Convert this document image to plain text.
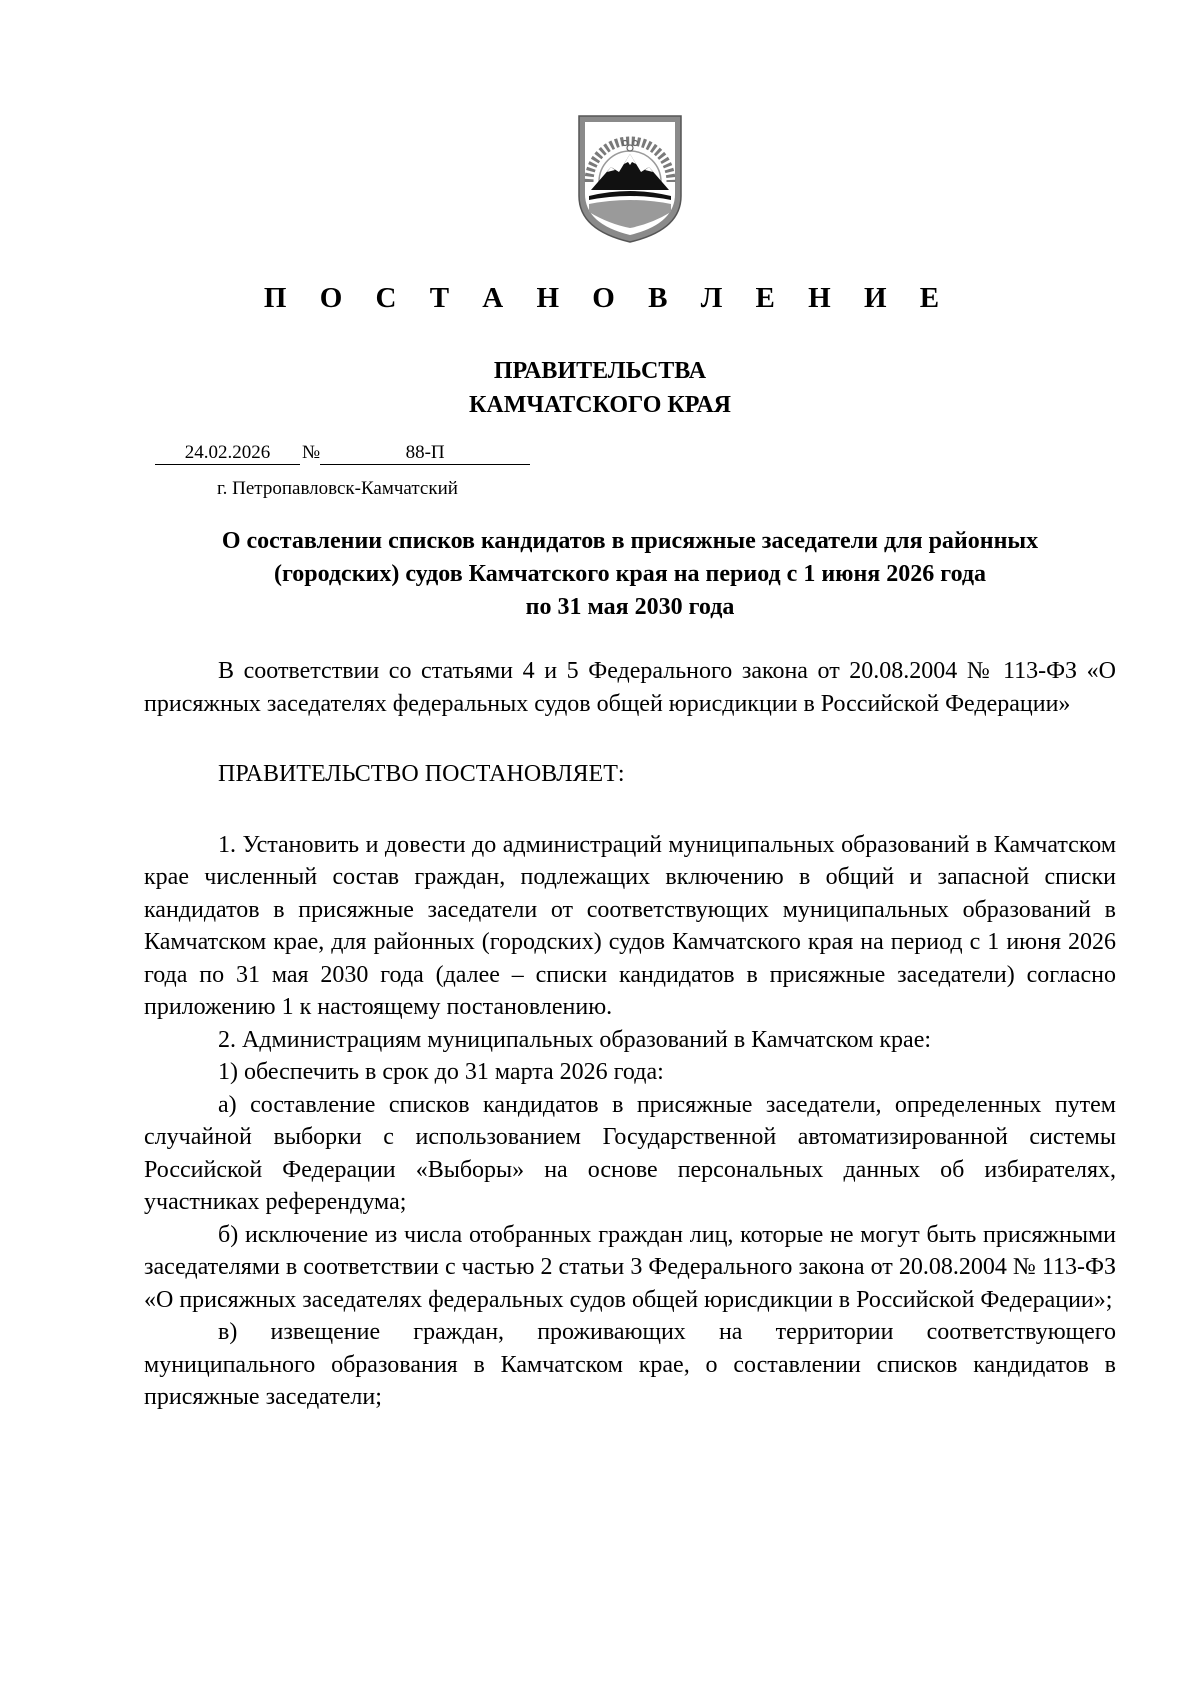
П О С Т А Н О В Л Е Н И Е
ПРАВИТЕЛЬСТВА
КАМЧАТСКОГО КРАЯ
24.02.2026 №	88-П
г. Петропавловск-Камчатский
О составлении списков кандидатов в присяжные заседатели для районных
(городских) судов Камчатского края на период с 1 июня 2026 года
по 31 мая 2030 года

В соответствии со статьями 4 и 5 Федерального закона от 20.08.2004 № 113-ФЗ «О присяжных заседателях федеральных судов общей юрисдикции в Российской Федерации»

ПРАВИТЕЛЬСТВО ПОСТАНОВЛЯЕТ:

1. Установить и довести до администраций муниципальных образований в Камчатском крае численный состав граждан, подлежащих включению в общий и запасной списки кандидатов в присяжные заседатели от соответствующих муниципальных образований в Камчатском крае, для районных (городских) судов Камчатского края на период с 1 июня 2026 года по 31 мая 2030 года (далее – списки кандидатов в присяжные заседатели) согласно приложению 1 к настоящему постановлению.

2. Администрациям муниципальных образований в Камчатском крае:

1) обеспечить в срок до 31 марта 2026 года:

а) составление списков кандидатов в присяжные заседатели, определенных путем случайной выборки с использованием Государственной автоматизированной системы Российской Федерации «Выборы» на основе персональных данных об избирателях, участниках референдума;

б) исключение из числа отобранных граждан лиц, которые не могут быть присяжными заседателями в соответствии с частью 2 статьи 3 Федерального закона от 20.08.2004 № 113-ФЗ «О присяжных заседателях федеральных судов общей юрисдикции в Российской Федерации»;

в) извещение граждан, проживающих на территории соответствующего муниципального образования в Камчатском крае, о составлении списков кандидатов в присяжные заседатели;
